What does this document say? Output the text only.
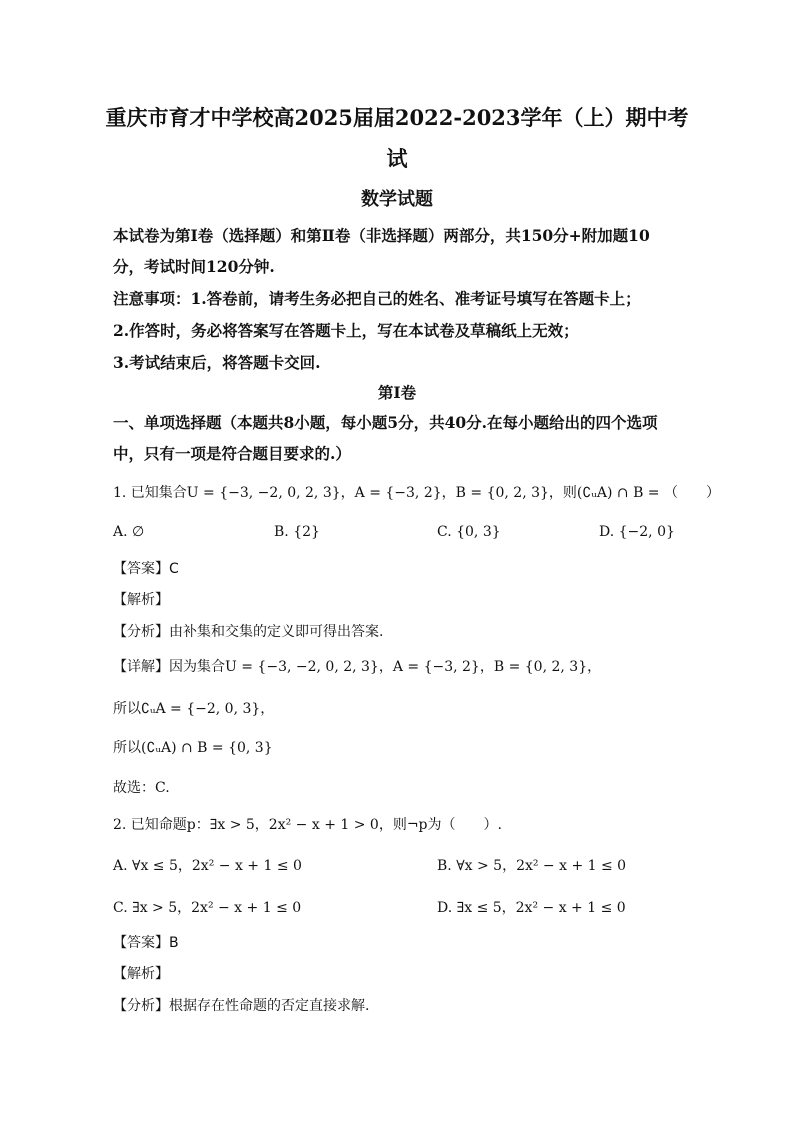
重庆市育才中学校高2025届届2022-2023学年（上）期中考
试
数学试题
本试卷为第Ⅰ卷（选择题）和第Ⅱ卷（非选择题）两部分，共150分+附加题10
分，考试时间120分钟.
注意事项：1.答卷前，请考生务必把自己的姓名、准考证号填写在答题卡上；
2.作答时，务必将答案写在答题卡上，写在本试卷及草稿纸上无效；
3.考试结束后，将答题卡交回.
第Ⅰ卷
一、单项选择题（本题共8小题，每小题5分，共40分.在每小题给出的四个选项
中，只有一项是符合题目要求的.）
1. 已知集合U = {−3, −2, 0, 2, 3}，A = {−3, 2}，B = {0, 2, 3}，则(∁ᵤA) ∩ B = （　　）
A. ∅	B. {2}	C. {0, 3}	D. {−2, 0}
【答案】C
【解析】
【分析】由补集和交集的定义即可得出答案.
【详解】因为集合U = {−3, −2, 0, 2, 3}，A = {−3, 2}，B = {0, 2, 3}，
所以∁ᵤA = {−2, 0, 3}，
所以(∁ᵤA) ∩ B = {0, 3}
故选：C.
2. 已知命题p：∃x > 5，2x² − x + 1 > 0，则¬p为（　　）.
A. ∀x ≤ 5，2x² − x + 1 ≤ 0	B. ∀x > 5，2x² − x + 1 ≤ 0
C. ∃x > 5，2x² − x + 1 ≤ 0	D. ∃x ≤ 5，2x² − x + 1 ≤ 0
【答案】B
【解析】
【分析】根据存在性命题的否定直接求解.
